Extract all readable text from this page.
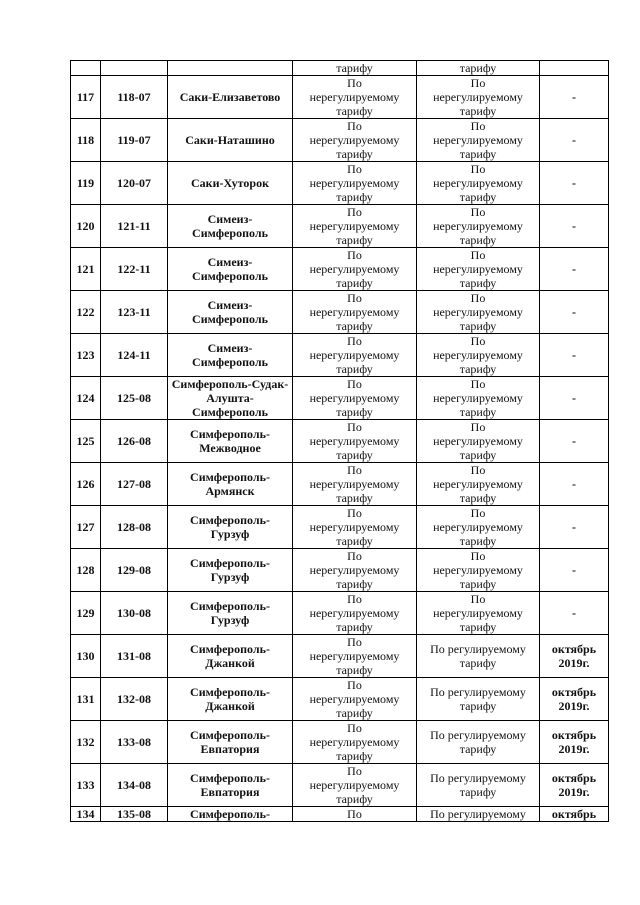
			тарифу	тарифу	
117	118-07	Саки-Елизаветово	По
нерегулируемому
тарифу	По
нерегулируемому
тарифу	-
118	119-07	Саки-Наташино	По
нерегулируемому
тарифу	По
нерегулируемому
тарифу	-
119	120-07	Саки-Хуторок	По
нерегулируемому
тарифу	По
нерегулируемому
тарифу	-
120	121-11	Симеиз-
Симферополь	По
нерегулируемому
тарифу	По
нерегулируемому
тарифу	-
121	122-11	Симеиз-
Симферополь	По
нерегулируемому
тарифу	По
нерегулируемому
тарифу	-
122	123-11	Симеиз-
Симферополь	По
нерегулируемому
тарифу	По
нерегулируемому
тарифу	-
123	124-11	Симеиз-
Симферополь	По
нерегулируемому
тарифу	По
нерегулируемому
тарифу	-
124	125-08	Симферополь-Судак-
Алушта-
Симферополь	По
нерегулируемому
тарифу	По
нерегулируемому
тарифу	-
125	126-08	Симферополь-
Межводное	По
нерегулируемому
тарифу	По
нерегулируемому
тарифу	-
126	127-08	Симферополь-
Армянск	По
нерегулируемому
тарифу	По
нерегулируемому
тарифу	-
127	128-08	Симферополь-
Гурзуф	По
нерегулируемому
тарифу	По
нерегулируемому
тарифу	-
128	129-08	Симферополь-
Гурзуф	По
нерегулируемому
тарифу	По
нерегулируемому
тарифу	-
129	130-08	Симферополь-
Гурзуф	По
нерегулируемому
тарифу	По
нерегулируемому
тарифу	-
130	131-08	Симферополь-
Джанкой	По
нерегулируемому
тарифу	По регулируемому
тарифу	октябрь
2019г.
131	132-08	Симферополь-
Джанкой	По
нерегулируемому
тарифу	По регулируемому
тарифу	октябрь
2019г.
132	133-08	Симферополь-
Евпатория	По
нерегулируемому
тарифу	По регулируемому
тарифу	октябрь
2019г.
133	134-08	Симферополь-
Евпатория	По
нерегулируемому
тарифу	По регулируемому
тарифу	октябрь
2019г.
134	135-08	Симферополь-	По	По регулируемому	октябрь
